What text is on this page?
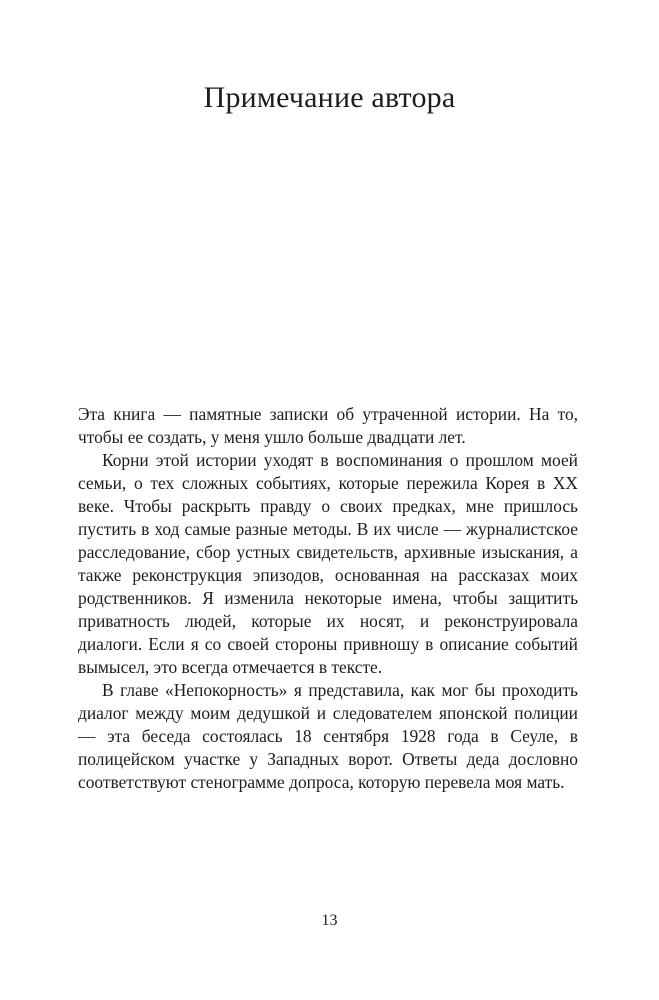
Примечание автора

Эта книга — памятные записки об утраченной истории. На то, чтобы ее создать, у меня ушло больше двадцати лет.

Корни этой истории уходят в воспоминания о прошлом моей семьи, о тех сложных событиях, которые пережила Корея в XX веке. Чтобы раскрыть правду о своих предках, мне пришлось пустить в ход самые разные методы. В их числе — журналистское расследование, сбор устных свидетельств, архивные изыскания, а также реконструкция эпизодов, основанная на рассказах моих родственников. Я изменила некоторые имена, чтобы защитить приватность людей, которые их носят, и реконструировала диалоги. Если я со своей стороны привношу в описание событий вымысел, это всегда отмечается в тексте.

В главе «Непокорность» я представила, как мог бы проходить диалог между моим дедушкой и следователем японской полиции — эта беседа состоялась 18 сентября 1928 года в Сеуле, в полицейском участке у Западных ворот. Ответы деда дословно соответствуют стенограмме допроса, которую перевела моя мать.

13
